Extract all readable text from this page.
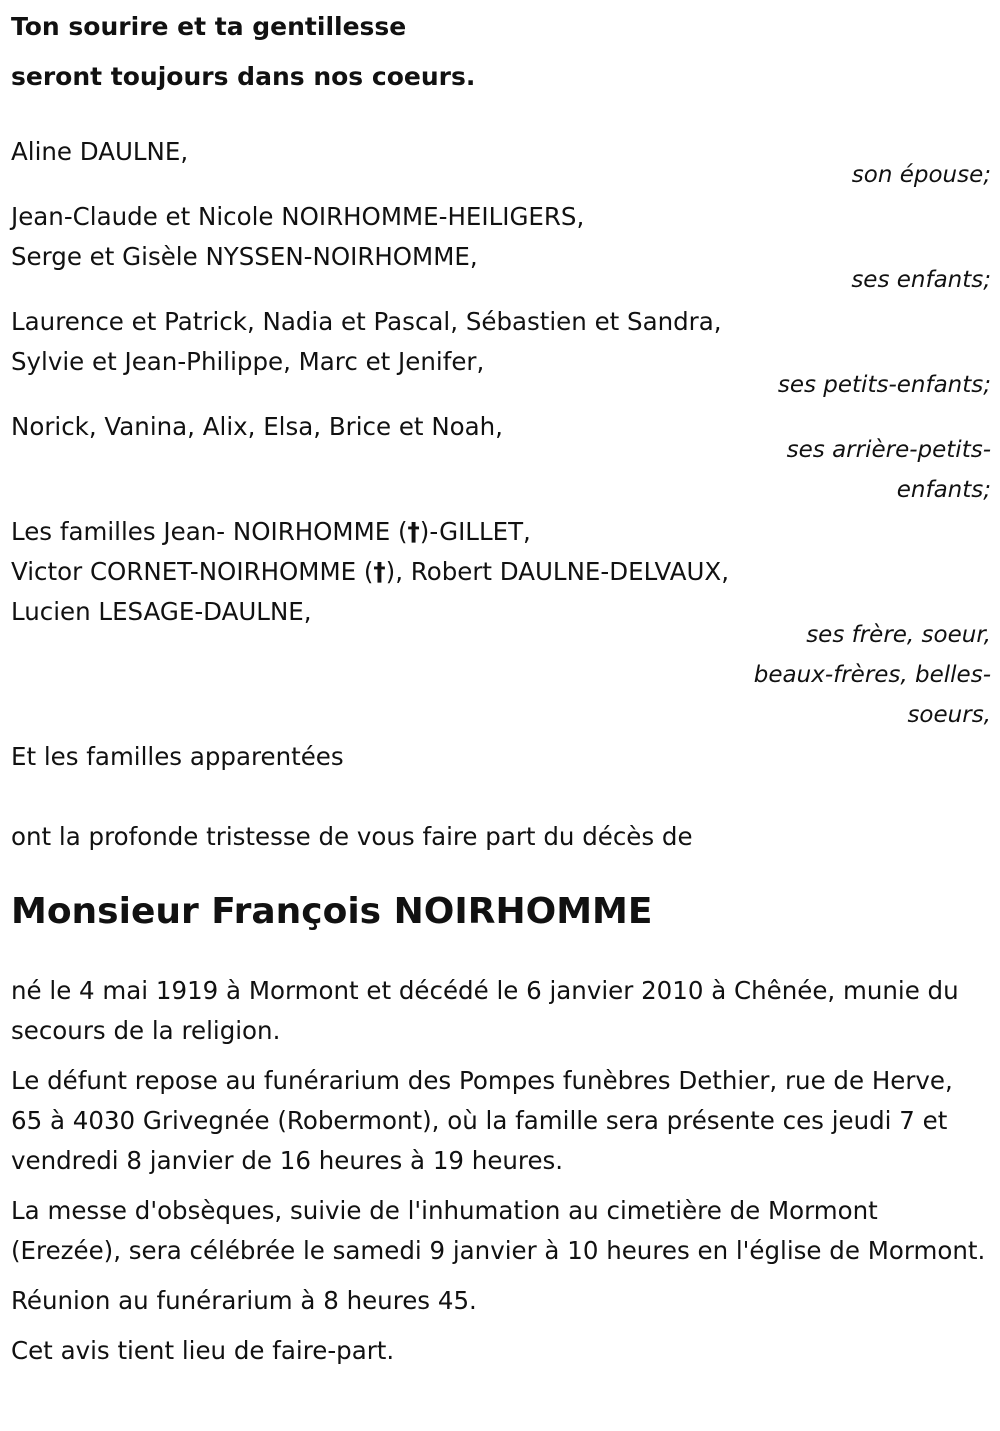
Ton sourire et ta gentillesse
seront toujours dans nos coeurs.
Aline DAULNE,
son épouse;
Jean-Claude et Nicole NOIRHOMME-HEILIGERS,
Serge et Gisèle NYSSEN-NOIRHOMME,
ses enfants;
Laurence et Patrick, Nadia et Pascal, Sébastien et Sandra,
Sylvie et Jean-Philippe, Marc et Jenifer,
ses petits-enfants;
Norick, Vanina, Alix, Elsa, Brice et Noah,
ses arrière-petits-
enfants;
Les familles Jean- NOIRHOMME (†)-GILLET,
Victor CORNET-NOIRHOMME (†), Robert DAULNE-DELVAUX,
Lucien LESAGE-DAULNE,
ses frère, soeur,
beaux-frères, belles-
soeurs,
Et les familles apparentées
ont la profonde tristesse de vous faire part du décès de
Monsieur François NOIRHOMME

né le 4 mai 1919 à Mormont et décédé le 6 janvier 2010 à Chênée, munie du secours de la religion.

Le défunt repose au funérarium des Pompes funèbres Dethier, rue de Herve, 65 à 4030 Grivegnée (Robermont), où la famille sera présente ces jeudi 7 et vendredi 8 janvier de 16 heures à 19 heures.

La messe d'obsèques, suivie de l'inhumation au cimetière de Mormont (Erezée), sera célébrée le samedi 9 janvier à 10 heures en l'église de Mormont.

Réunion au funérarium à 8 heures 45.

Cet avis tient lieu de faire-part.
